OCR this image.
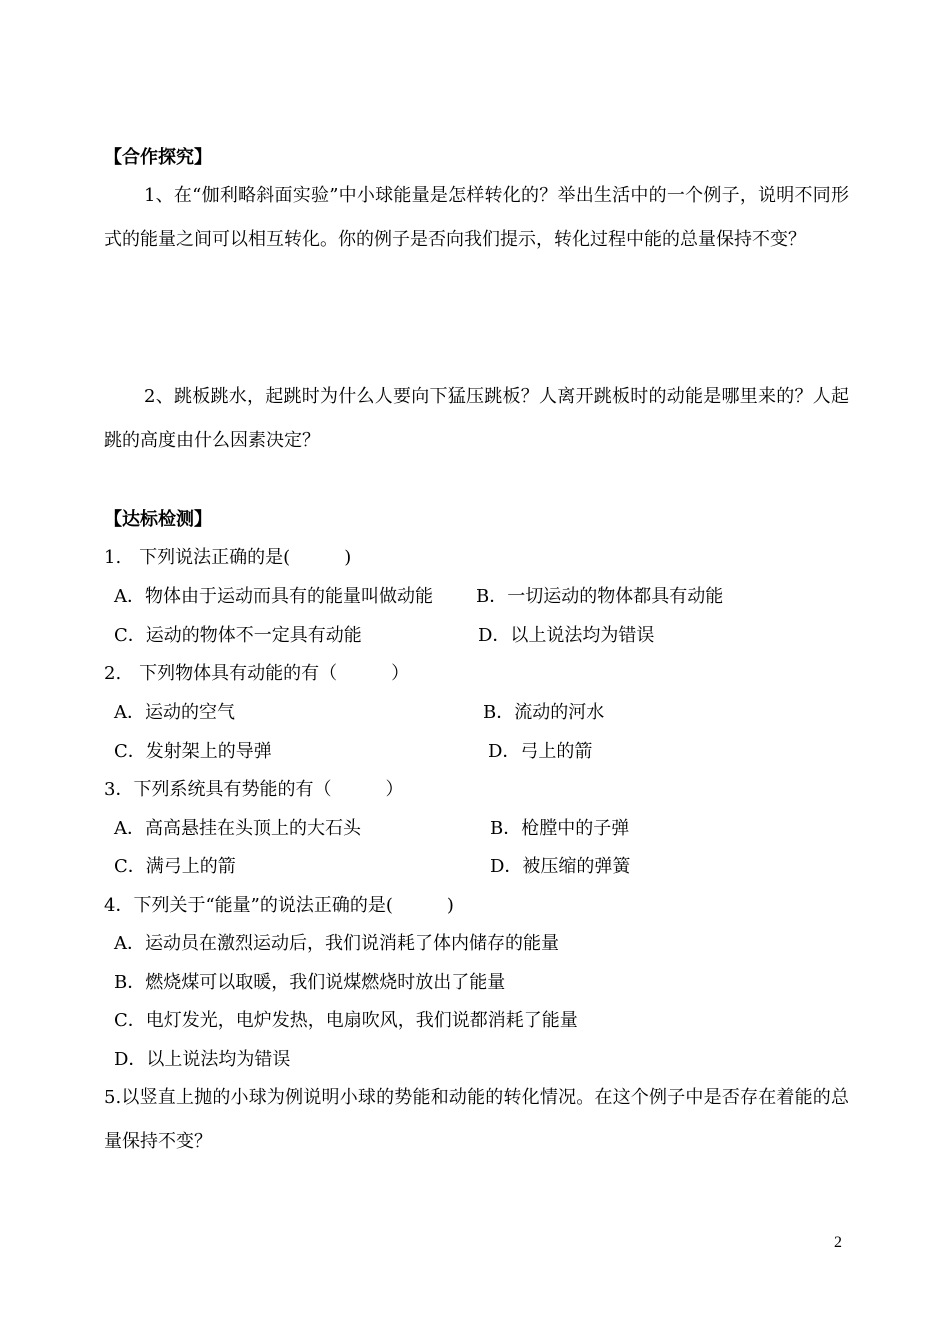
【合作探究】
1、在“伽利略斜面实验”中小球能量是怎样转化的？举出生活中的一个例子，说明不同形式的能量之间可以相互转化。你的例子是否向我们提示，转化过程中能的总量保持不变？
2、跳板跳水，起跳时为什么人要向下猛压跳板？人离开跳板时的动能是哪里来的？人起跳的高度由什么因素决定？
【达标检测】
1.　下列说法正确的是(　　　)
A．物体由于运动而具有的能量叫做动能 B．一切运动的物体都具有动能
C．运动的物体不一定具有动能	D．以上说法均为错误
2.　下列物体具有动能的有（　　　）
A．运动的空气	B．流动的河水
C．发射架上的导弹	D．弓上的箭
3．下列系统具有势能的有（　　　）
A．高高悬挂在头顶上的大石头	B．枪膛中的子弹
C．满弓上的箭	D．被压缩的弹簧
4．下列关于“能量”的说法正确的是(　　　)
A．运动员在激烈运动后，我们说消耗了体内储存的能量
B．燃烧煤可以取暖，我们说煤燃烧时放出了能量
C．电灯发光，电炉发热，电扇吹风，我们说都消耗了能量
D．以上说法均为错误
5.以竖直上抛的小球为例说明小球的势能和动能的转化情况。在这个例子中是否存在着能的总量保持不变？
2
